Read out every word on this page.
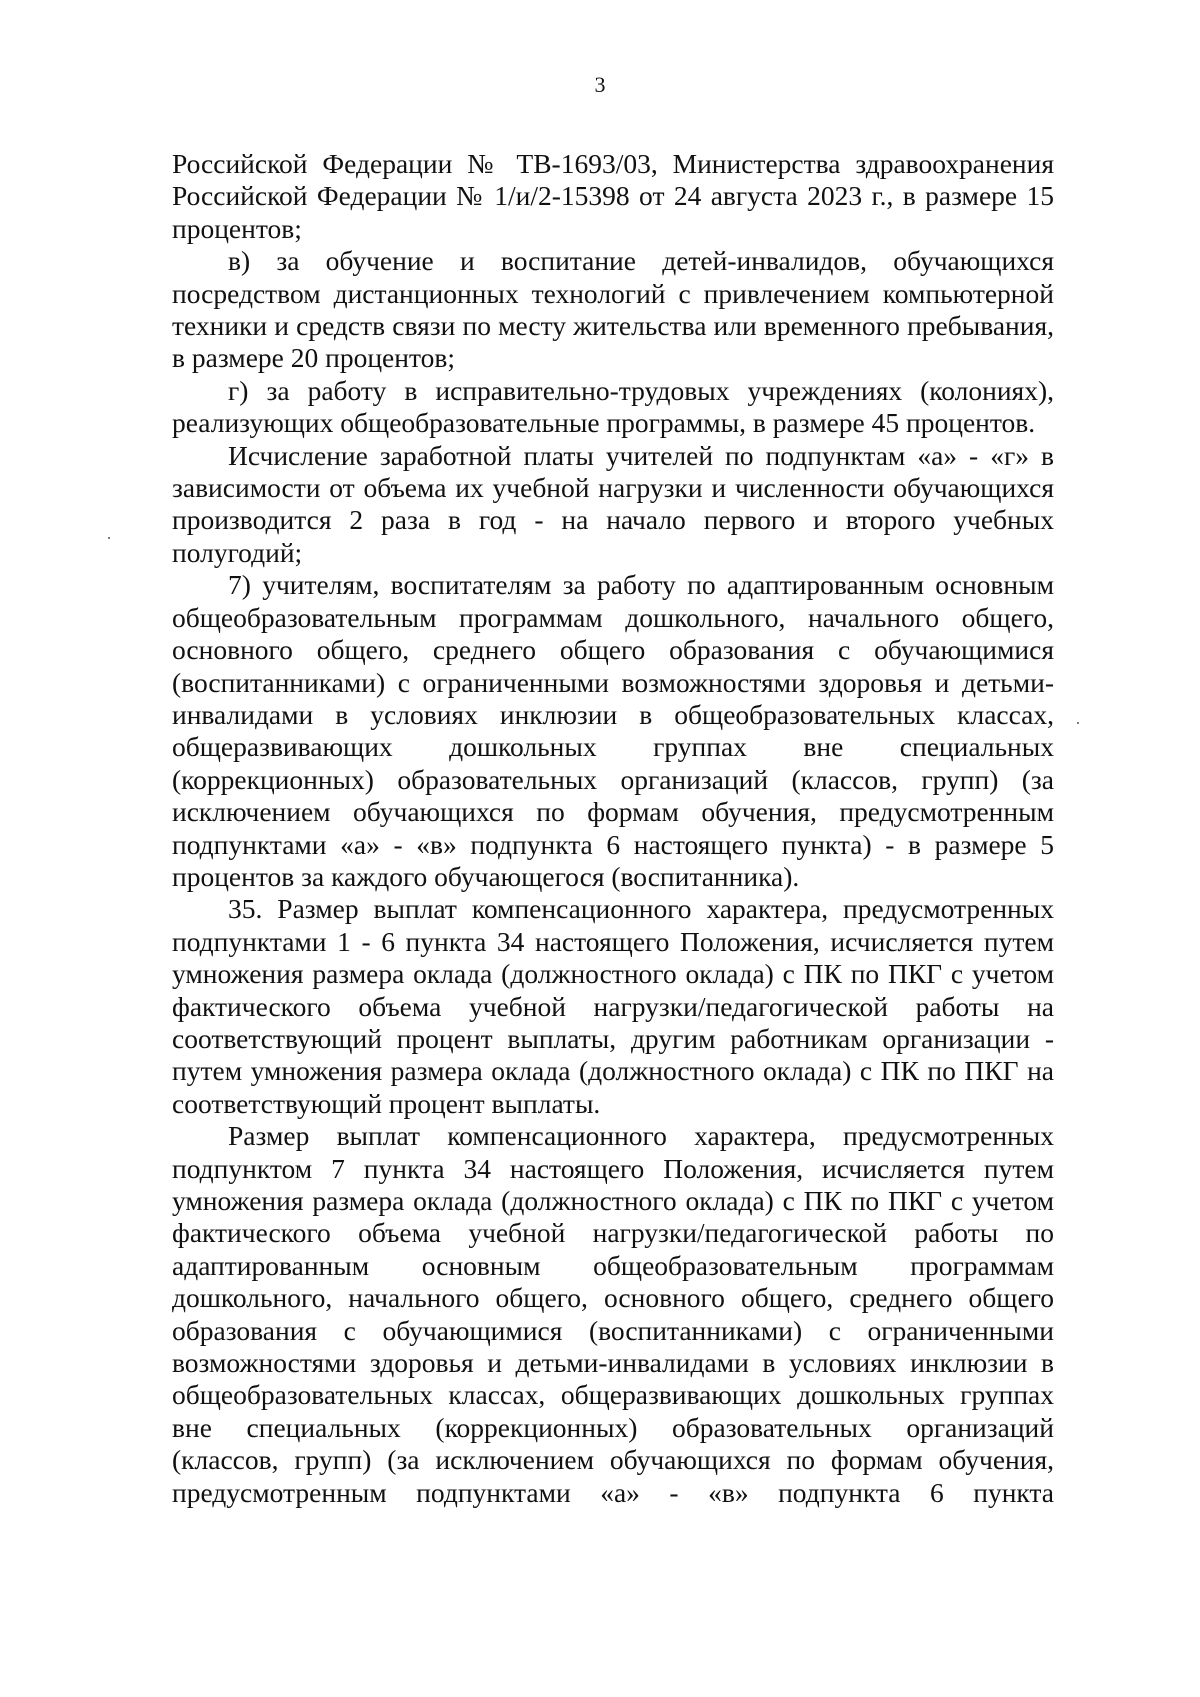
3

Российской Федерации № ТВ-1693/03, Министерства здравоохранения Российской Федерации № 1/и/2-15398 от 24 августа 2023 г., в размере 15 процентов;

в) за обучение и воспитание детей-инвалидов, обучающихся посредством дистанционных технологий с привлечением компьютерной техники и средств связи по месту жительства или временного пребывания, в размере 20 процентов;

г) за работу в исправительно-трудовых учреждениях (колониях), реализующих общеобразовательные программы, в размере 45 процентов.

Исчисление заработной платы учителей по подпунктам «а» - «г» в зависимости от объема их учебной нагрузки и численности обучающихся производится 2 раза в год - на начало первого и второго учебных полугодий;

7) учителям, воспитателям за работу по адаптированным основным общеобразовательным программам дошкольного, начального общего, основного общего, среднего общего образования с обучающимися (воспитанниками) с ограниченными возможностями здоровья и детьми-инвалидами в условиях инклюзии в общеобразовательных классах, общеразвивающих дошкольных группах вне специальных (коррекционных) образовательных организаций (классов, групп) (за исключением обучающихся по формам обучения, предусмотренным подпунктами «а» - «в» подпункта 6 настоящего пункта) - в размере 5 процентов за каждого обучающегося (воспитанника).

35. Размер выплат компенсационного характера, предусмотренных подпунктами 1 - 6 пункта 34 настоящего Положения, исчисляется путем умножения размера оклада (должностного оклада) с ПК по ПКГ с учетом фактического объема учебной нагрузки/педагогической работы на соответствующий процент выплаты, другим работникам организации - путем умножения размера оклада (должностного оклада) с ПК по ПКГ на соответствующий процент выплаты.

Размер выплат компенсационного характера, предусмотренных подпунктом 7 пункта 34 настоящего Положения, исчисляется путем умножения размера оклада (должностного оклада) с ПК по ПКГ с учетом фактического объема учебной нагрузки/педагогической работы по адаптированным основным общеобразовательным программам дошкольного, начального общего, основного общего, среднего общего образования с обучающимися (воспитанниками) с ограниченными возможностями здоровья и детьми-инвалидами в условиях инклюзии в общеобразовательных классах, общеразвивающих дошкольных группах вне специальных (коррекционных) образовательных организаций (классов, групп) (за исключением обучающихся по формам обучения, предусмотренным подпунктами «а» - «в» подпункта 6 пункта
